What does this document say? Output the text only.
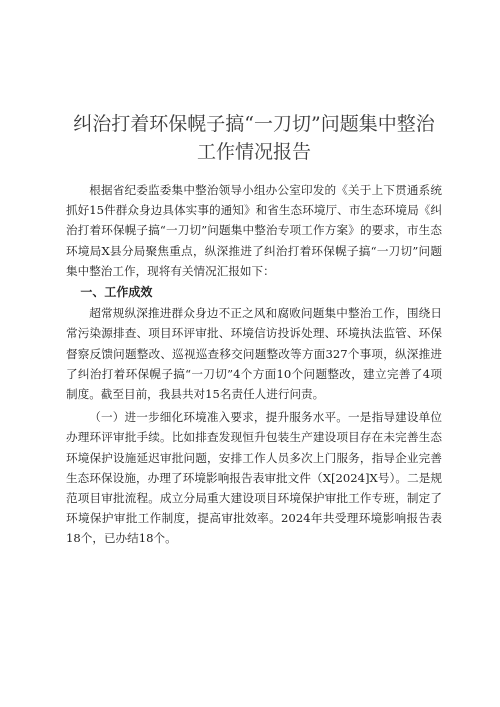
纠治打着环保幌子搞“一刀切”问题集中整治
工作情况报告

根据省纪委监委集中整治领导小组办公室印发的《关于上下贯通系统抓好15件群众身边具体实事的通知》和省生态环境厅、市生态环境局《纠治打着环保幌子搞“一刀切”问题集中整治专项工作方案》的要求，市生态环境局X县分局聚焦重点，纵深推进了纠治打着环保幌子搞“一刀切”问题集中整治工作，现将有关情况汇报如下：

一、工作成效

超常规纵深推进群众身边不正之风和腐败问题集中整治工作，围绕日常污染源排查、项目环评审批、环境信访投诉处理、环境执法监管、环保督察反馈问题整改、巡视巡查移交问题整改等方面327个事项，纵深推进了纠治打着环保幌子搞“一刀切”4个方面10个问题整改，建立完善了4项制度。截至目前，我县共对15名责任人进行问责。

（一）进一步细化环境准入要求，提升服务水平。一是指导建设单位办理环评审批手续。比如排查发现恒升包装生产建设项目存在未完善生态环境保护设施延迟审批问题，安排工作人员多次上门服务，指导企业完善生态环保设施，办理了环境影响报告表审批文件（X[2024]X号）。二是规范项目审批流程。成立分局重大建设项目环境保护审批工作专班，制定了环境保护审批工作制度，提高审批效率。2024年共受理环境影响报告表18个，已办结18个。
